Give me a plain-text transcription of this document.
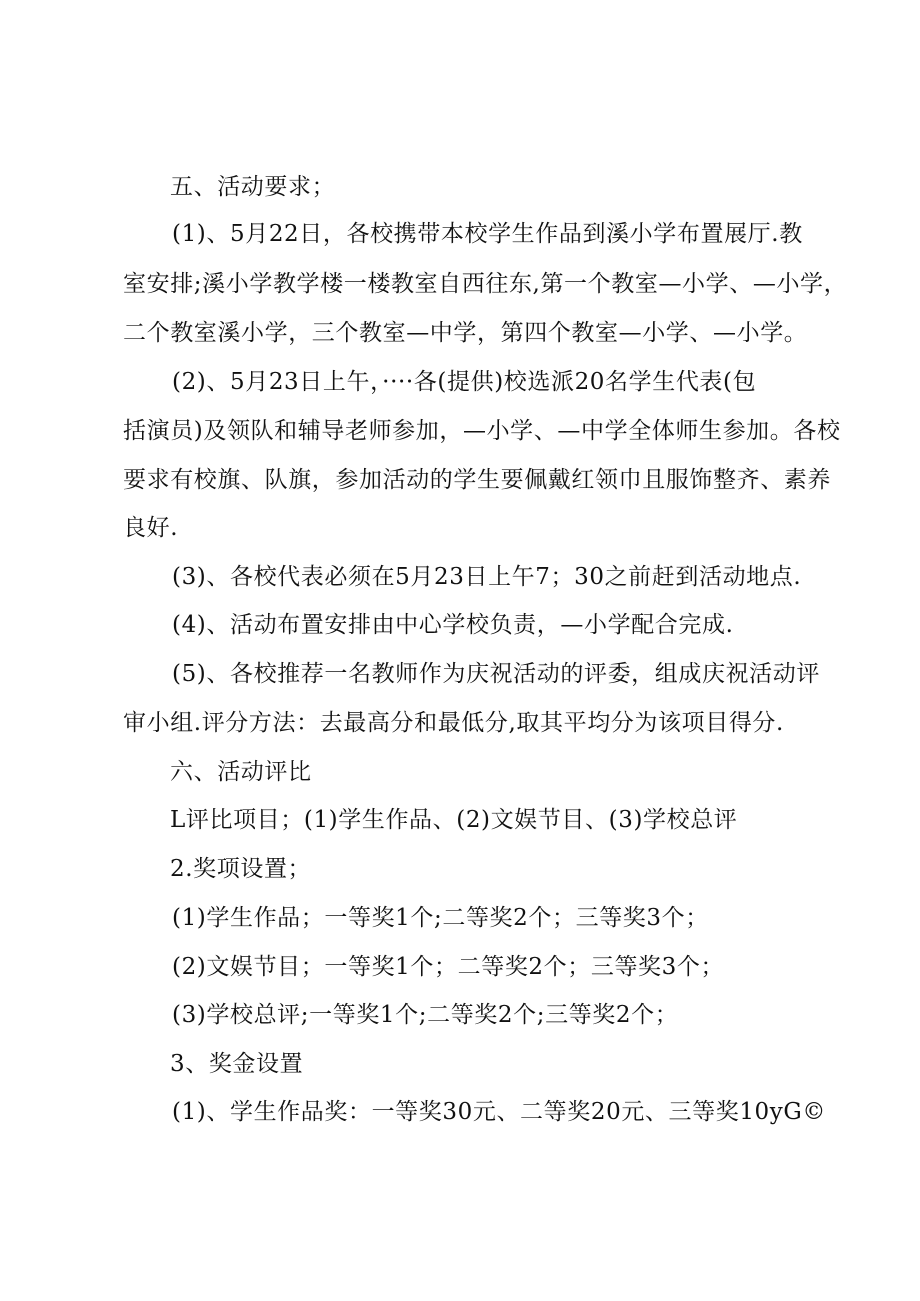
五、活动要求；
(1)、5月22日，各校携带本校学生作品到溪小学布置展厅.教
室安排;溪小学教学楼一楼教室自西往东,第一个教室—小学、—小学，
二个教室溪小学，三个教室—中学，第四个教室—小学、—小学。
(2)、5月23日上午，····各(提供)校选派20名学生代表(包
括演员)及领队和辅导老师参加，—小学、—中学全体师生参加。各校
要求有校旗、队旗，参加活动的学生要佩戴红领巾且服饰整齐、素养
良好.
(3)、各校代表必须在5月23日上午7；30之前赶到活动地点.
(4)、活动布置安排由中心学校负责，—小学配合完成.
(5)、各校推荐一名教师作为庆祝活动的评委，组成庆祝活动评
审小组.评分方法：去最高分和最低分,取其平均分为该项目得分.
六、活动评比
L评比项目；(1)学生作品、(2)文娱节目、(3)学校总评
2.奖项设置；
(1)学生作品；一等奖1个;二等奖2个；三等奖3个；
(2)文娱节目；一等奖1个；二等奖2个；三等奖3个；
(3)学校总评;一等奖1个;二等奖2个;三等奖2个；
3、奖金设置
(1)、学生作品奖：一等奖30元、二等奖20元、三等奖10yG©
